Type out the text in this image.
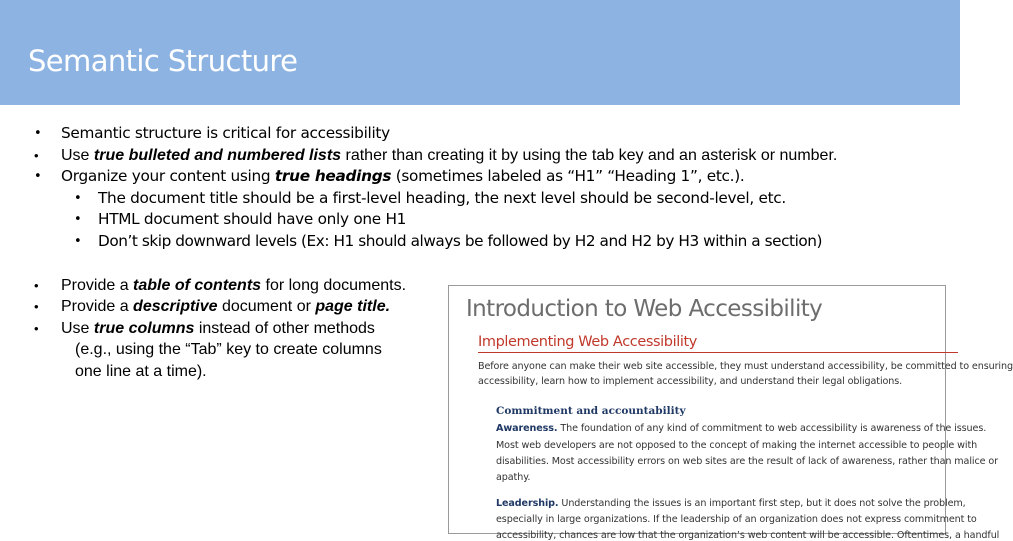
Semantic Structure
• Semantic structure is critical for accessibility
• Use true bulleted and numbered lists rather than creating it by using the tab key and an asterisk or number.
• Organize your content using true headings (sometimes labeled as “H1” “Heading 1”, etc.).
• The document title should be a first-level heading, the next level should be second-level, etc.
• HTML document should have only one H1
• Don’t skip downward levels (Ex: H1 should always be followed by H2 and H2 by H3 within a section)
• Provide a table of contents for long documents.
• Provide a descriptive document or page title.
• Use true columns instead of other methods
(e.g., using the “Tab” key to create columns
one line at a time).
Introduction to Web Accessibility
Implementing Web Accessibility
Before anyone can make their web site accessible, they must understand accessibility, be committed to ensuring
accessibility, learn how to implement accessibility, and understand their legal obligations.
Commitment and accountability
Awareness. The foundation of any kind of commitment to web accessibility is awareness of the issues.
Most web developers are not opposed to the concept of making the internet accessible to people with
disabilities. Most accessibility errors on web sites are the result of lack of awareness, rather than malice or
apathy.
Leadership. Understanding the issues is an important first step, but it does not solve the problem,
especially in large organizations. If the leadership of an organization does not express commitment to
accessibility, chances are low that the organization’s web content will be accessible. Oftentimes, a handful
